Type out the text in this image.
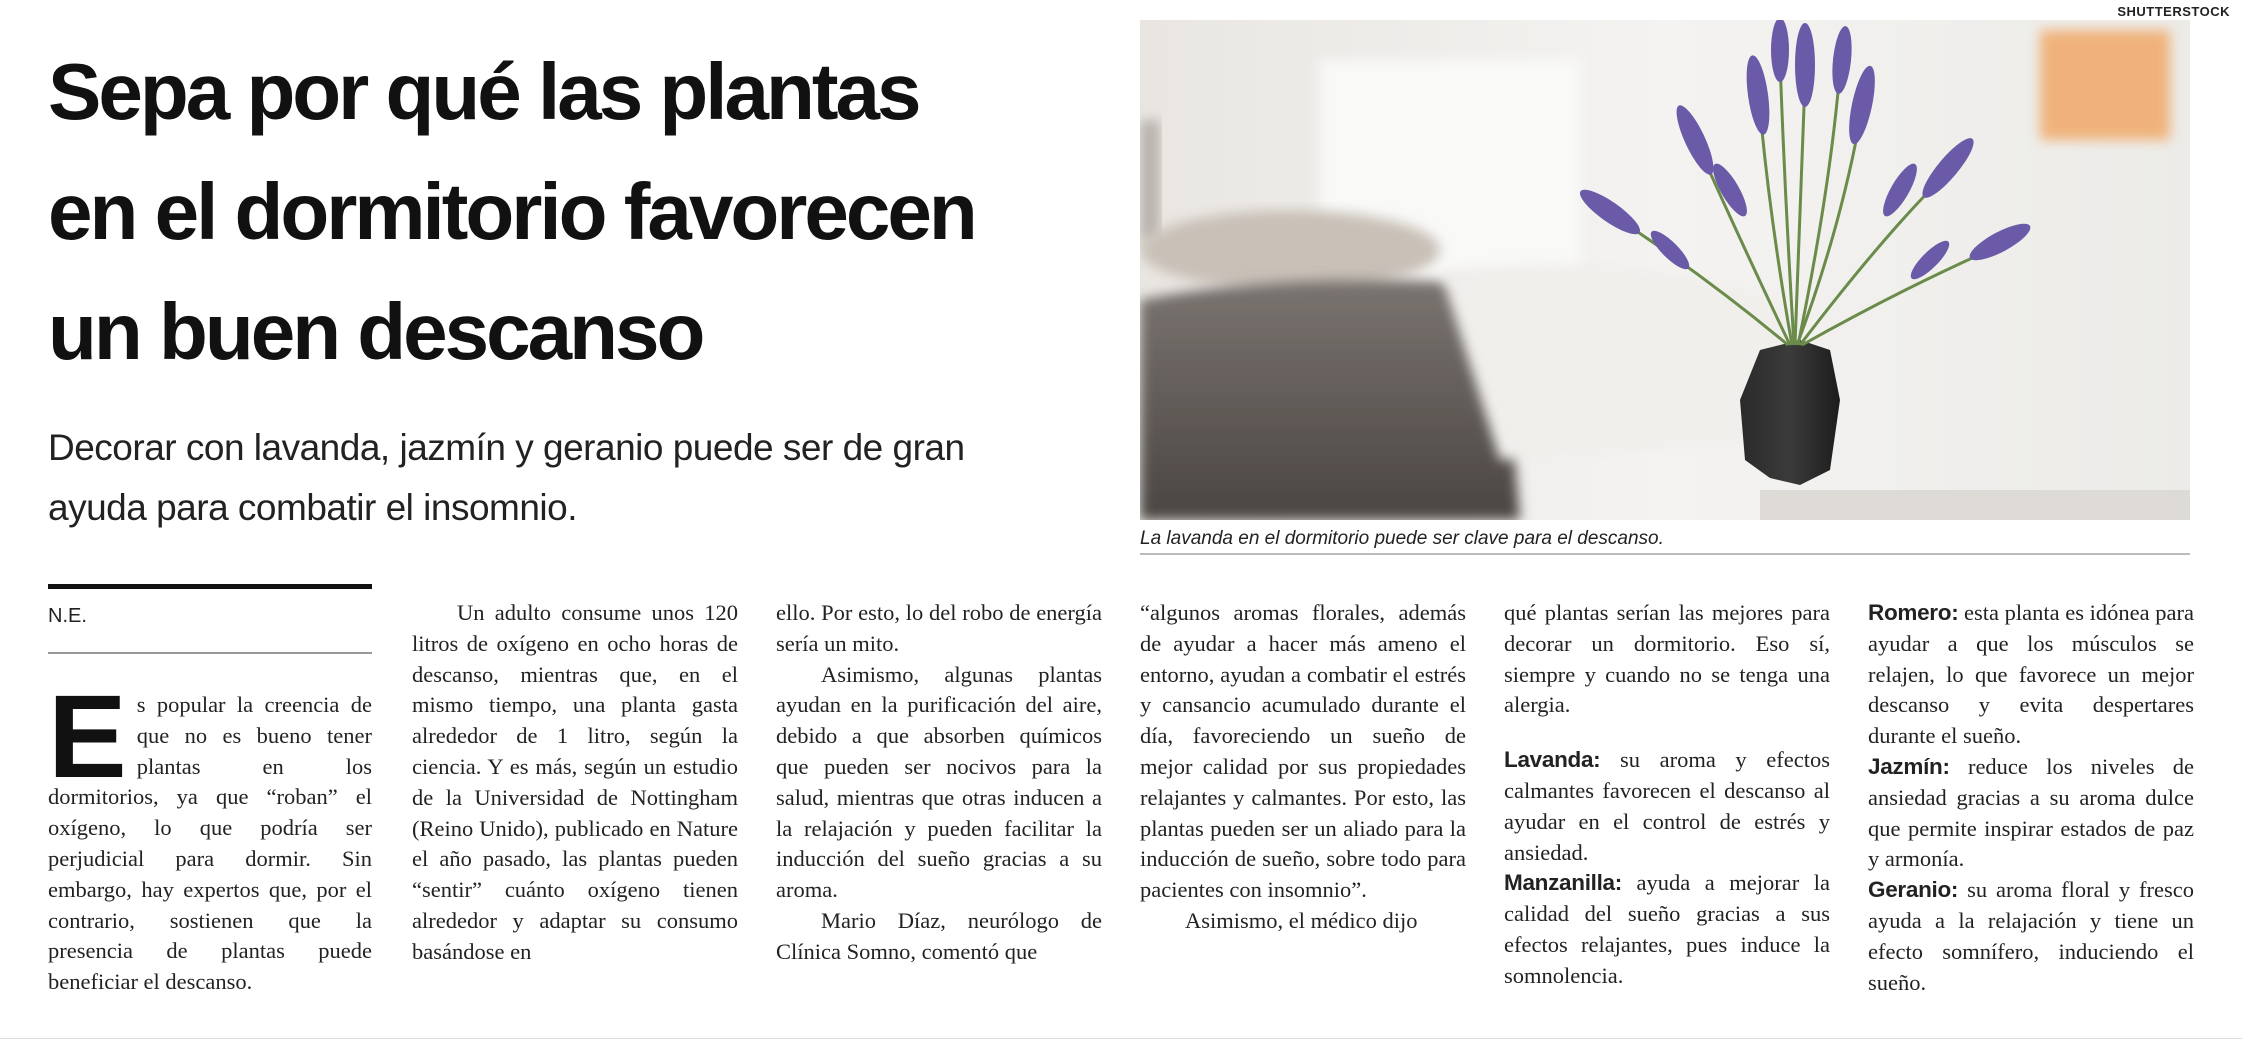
Sepa por qué las plantas
en el dormitorio favorecen
un buen descanso

Decorar con lavanda, jazmín y geranio puede ser de gran
ayuda para combatir el insomnio.

SHUTTERSTOCK
La lavanda en el dormitorio puede ser clave para el descanso.
N.E.
E s popular la creencia de que no es bueno tener plantas en los dormitorios, ya que “roban” el oxígeno, lo que podría ser perjudicial para dormir. Sin embargo, hay expertos que, por el contrario, sostienen que la presencia de plantas puede beneficiar el descanso.

Un adulto consume unos 120 litros de oxígeno en ocho horas de descanso, mientras que, en el mismo tiempo, una planta gasta alrededor de 1 litro, según la ciencia. Y es más, según un estudio de la Universidad de Nottingham (Reino Unido), publicado en Nature el año pasado, las plantas pueden “sentir” cuánto oxígeno tienen alrededor y adaptar su consumo basándose en

ello. Por esto, lo del robo de energía sería un mito.

Asimismo, algunas plantas ayudan en la purificación del aire, debido a que absorben químicos que pueden ser nocivos para la salud, mientras que otras inducen a la relajación y pueden facilitar la inducción del sueño gracias a su aroma.

Mario Díaz, neurólogo de Clínica Somno, comentó que

“algunos aromas florales, además de ayudar a hacer más ameno el entorno, ayudan a combatir el estrés y cansancio acumulado durante el día, favoreciendo un sueño de mejor calidad por sus propiedades relajantes y calmantes. Por esto, las plantas pueden ser un aliado para la inducción de sueño, sobre todo para pacientes con insomnio”.

Asimismo, el médico dijo

qué plantas serían las mejores para decorar un dormitorio. Eso sí, siempre y cuando no se tenga una alergia.

Lavanda: su aroma y efectos calmantes favorecen el descanso al ayudar en el control de estrés y ansiedad.

Manzanilla: ayuda a mejorar la calidad del sueño gracias a sus efectos relajantes, pues induce la somnolencia.

Romero: esta planta es idónea para ayudar a que los músculos se relajen, lo que favorece un mejor descanso y evita despertares durante el sueño.

Jazmín: reduce los niveles de ansiedad gracias a su aroma dulce que permite inspirar estados de paz y armonía.

Geranio: su aroma floral y fresco ayuda a la relajación y tiene un efecto somnífero, induciendo el sueño.
